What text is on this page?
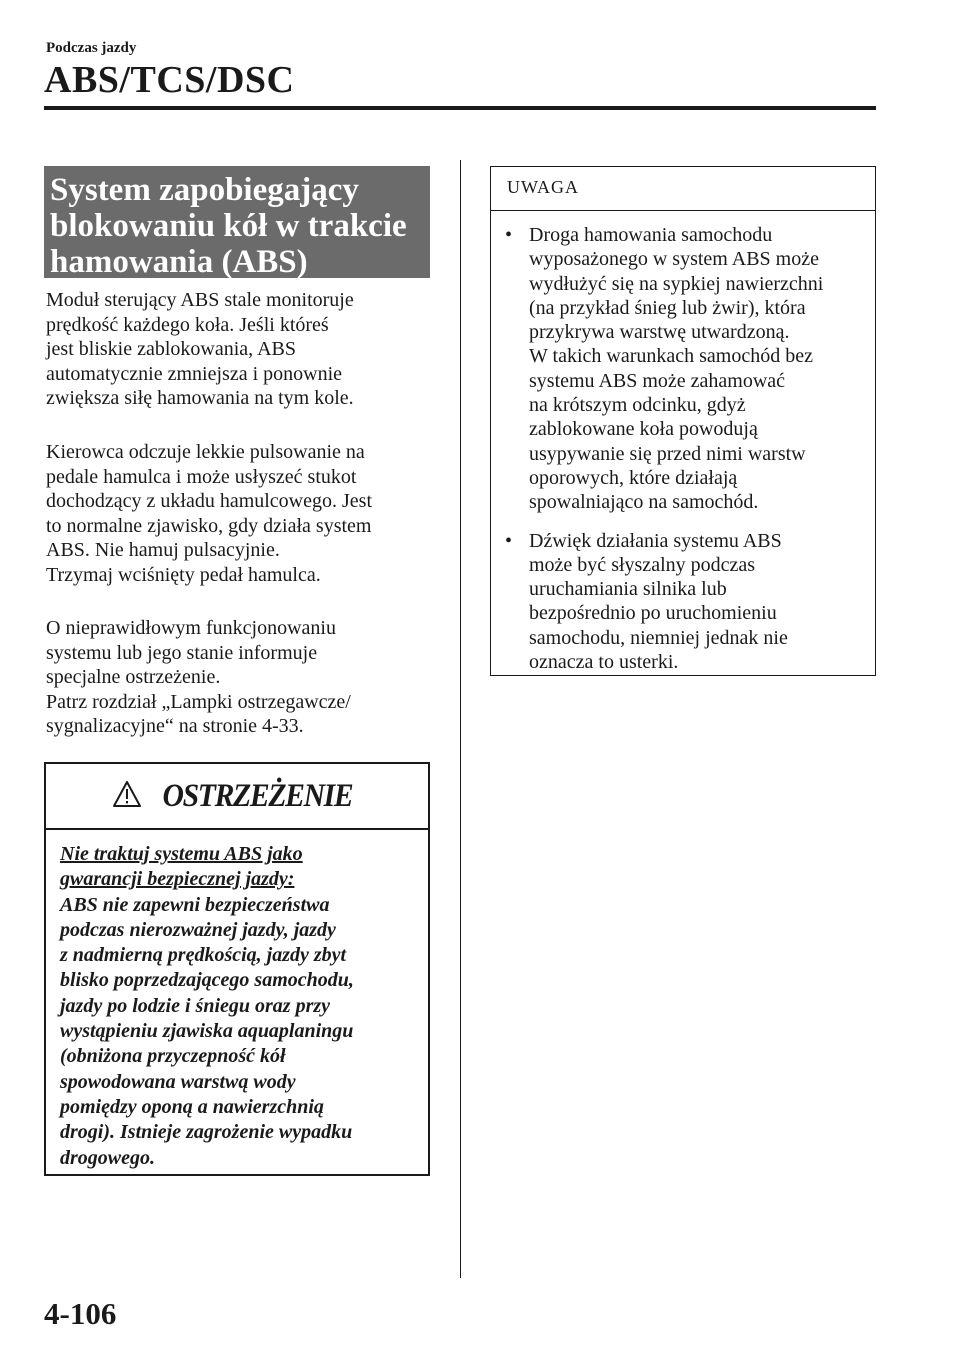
Podczas jazdy
ABS/TCS/DSC
System zapobiegający
blokowaniu kół w trakcie
hamowania (ABS)

Moduł sterujący ABS stale monitoruje
prędkość każdego koła. Jeśli któreś
jest bliskie zablokowania, ABS
automatycznie zmniejsza i ponownie
zwiększa siłę hamowania na tym kole.

Kierowca odczuje lekkie pulsowanie na
pedale hamulca i może usłyszeć stukot
dochodzący z układu hamulcowego. Jest
to normalne zjawisko, gdy działa system
ABS. Nie hamuj pulsacyjnie.
Trzymaj wciśnięty pedał hamulca.

O nieprawidłowym funkcjonowaniu
systemu lub jego stanie informuje
specjalne ostrzeżenie.
Patrz rozdział „Lampki ostrzegawcze/
sygnalizacyjne“ na stronie 4-33.

OSTRZEŻENIE
Nie traktuj systemu ABS jako
gwarancji bezpiecznej jazdy:
ABS nie zapewni bezpieczeństwa
podczas nierozważnej jazdy, jazdy
z nadmierną prędkością, jazdy zbyt
blisko poprzedzającego samochodu,
jazdy po lodzie i śniegu oraz przy
wystąpieniu zjawiska aquaplaningu
(obniżona przyczepność kół
spowodowana warstwą wody
pomiędzy oponą a nawierzchnią
drogi). Istnieje zagrożenie wypadku
drogowego.
UWAGA
• Droga hamowania samochodu
wyposażonego w system ABS może
wydłużyć się na sypkiej nawierzchni
(na przykład śnieg lub żwir), która
przykrywa warstwę utwardzoną.
W takich warunkach samochód bez
systemu ABS może zahamować
na krótszym odcinku, gdyż
zablokowane koła powodują
usypywanie się przed nimi warstw
oporowych, które działają
spowalniająco na samochód.
• Dźwięk działania systemu ABS
może być słyszalny podczas
uruchamiania silnika lub
bezpośrednio po uruchomieniu
samochodu, niemniej jednak nie
oznacza to usterki.
4-106
